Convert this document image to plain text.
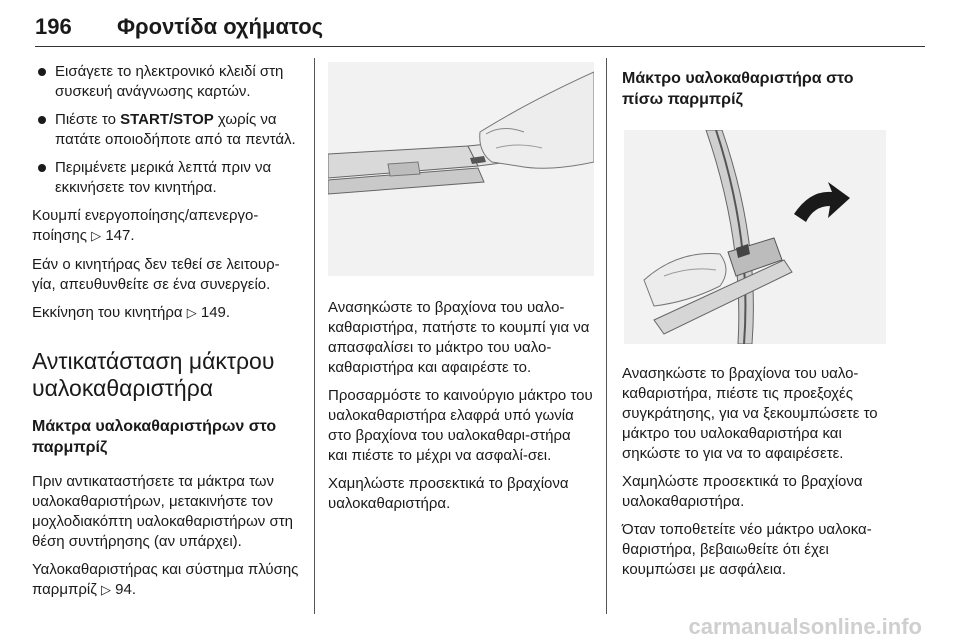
196 Φροντίδα οχήματος
Εισάγετε το ηλεκτρονικό κλειδί στη συσκευή ανάγνωσης καρτών.
Πιέστε το START/STOP χωρίς να πατάτε οποιοδήποτε από τα πεντάλ.
Περιμένετε μερικά λεπτά πριν να εκκινήσετε τον κινητήρα.

Κουμπί ενεργοποίησης/απενεργο-ποίησης ▷ 147.

Εάν ο κινητήρας δεν τεθεί σε λειτουρ-γία, απευθυνθείτε σε ένα συνεργείο.

Εκκίνηση του κινητήρα ▷ 149.

Αντικατάσταση μάκτρου υαλοκαθαριστήρα
Μάκτρα υαλοκαθαριστήρων στο παρμπρίζ

Πριν αντικαταστήσετε τα μάκτρα των υαλοκαθαριστήρων, μετακινήστε τον μοχλοδιακόπτη υαλοκαθαριστήρων στη θέση συντήρησης (αν υπάρχει).

Υαλοκαθαριστήρας και σύστημα πλύσης παρμπρίζ ▷ 94.

Ανασηκώστε το βραχίονα του υαλο-καθαριστήρα, πατήστε το κουμπί για να απασφαλίσει το μάκτρο του υαλο-καθαριστήρα και αφαιρέστε το.

Προσαρμόστε το καινούργιο μάκτρο του υαλοκαθαριστήρα ελαφρά υπό γωνία στο βραχίονα του υαλοκαθαρι-στήρα και πιέστε το μέχρι να ασφαλί-σει.

Χαμηλώστε προσεκτικά το βραχίονα υαλοκαθαριστήρα.

Μάκτρο υαλοκαθαριστήρα στο πίσω παρμπρίζ

Ανασηκώστε το βραχίονα του υαλο-καθαριστήρα, πιέστε τις προεξοχές συγκράτησης, για να ξεκουμπώσετε το μάκτρο του υαλοκαθαριστήρα και σηκώστε το για να το αφαιρέσετε.

Χαμηλώστε προσεκτικά το βραχίονα υαλοκαθαριστήρα.

Όταν τοποθετείτε νέο μάκτρο υαλοκα-θαριστήρα, βεβαιωθείτε ότι έχει κουμπώσει με ασφάλεια.

carmanualsonline.info
